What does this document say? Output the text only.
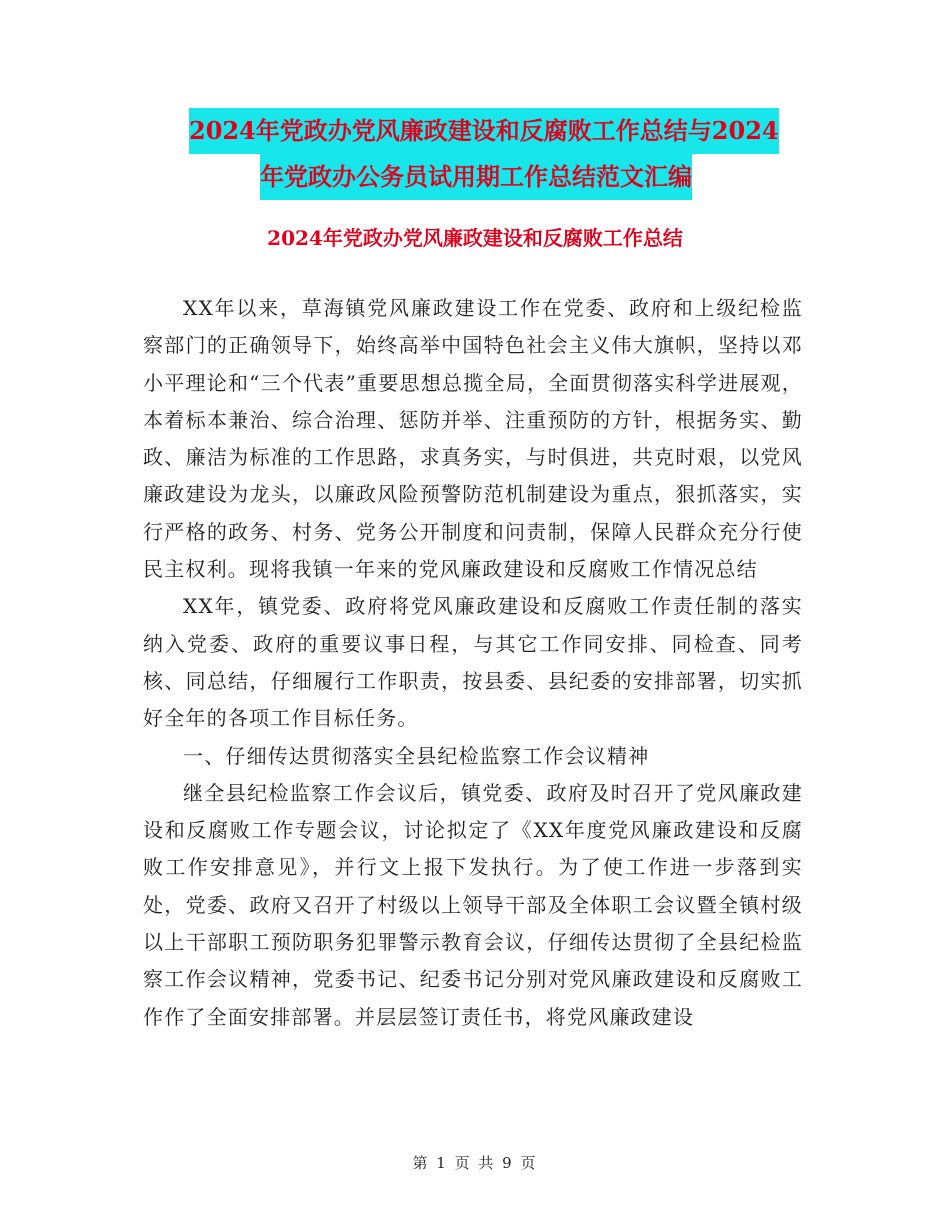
2024年党政办党风廉政建设和反腐败工作总结与2024
年党政办公务员试用期工作总结范文汇编
2024年党政办党风廉政建设和反腐败工作总结

XX年以来，草海镇党风廉政建设工作在党委、政府和上级纪检监察部门的正确领导下，始终高举中国特色社会主义伟大旗帜，坚持以邓小平理论和“三个代表”重要思想总揽全局，全面贯彻落实科学进展观，本着标本兼治、综合治理、惩防并举、注重预防的方针，根据务实、勤政、廉洁为标准的工作思路，求真务实，与时俱进，共克时艰，以党风廉政建设为龙头，以廉政风险预警防范机制建设为重点，狠抓落实，实行严格的政务、村务、党务公开制度和问责制，保障人民群众充分行使民主权利。现将我镇一年来的党风廉政建设和反腐败工作情况总结

XX年，镇党委、政府将党风廉政建设和反腐败工作责任制的落实纳入党委、政府的重要议事日程，与其它工作同安排、同检查、同考核、同总结，仔细履行工作职责，按县委、县纪委的安排部署，切实抓好全年的各项工作目标任务。

一、仔细传达贯彻落实全县纪检监察工作会议精神

继全县纪检监察工作会议后，镇党委、政府及时召开了党风廉政建设和反腐败工作专题会议，讨论拟定了《XX年度党风廉政建设和反腐败工作安排意见》，并行文上报下发执行。为了使工作进一步落到实处，党委、政府又召开了村级以上领导干部及全体职工会议暨全镇村级以上干部职工预防职务犯罪警示教育会议，仔细传达贯彻了全县纪检监察工作会议精神，党委书记、纪委书记分别对党风廉政建设和反腐败工作作了全面安排部署。并层层签订责任书，将党风廉政建设

第 1 页 共 9 页
